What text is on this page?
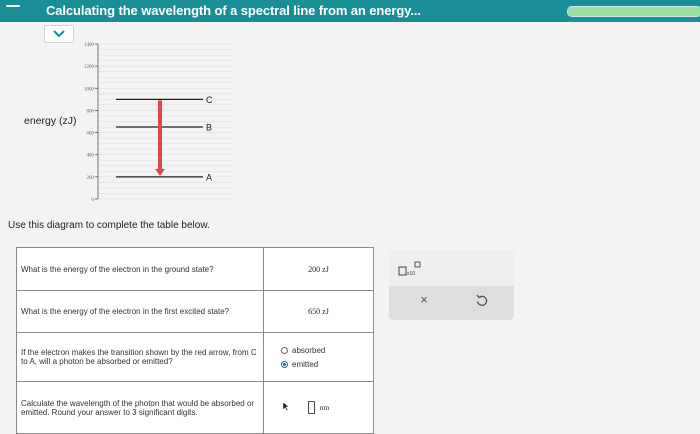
Calculating the wavelength of a spectral line from an energy...
energy (zJ)
1400
1200
1000
800
600
400
200
0
C
B
A
Use this diagram to complete the table below.
What is the energy of the electron in the ground state?	200 zJ
What is the energy of the electron in the first excited state?	650 zJ
If the electron makes the transition shown by the red arrow, from C to A, will a photon be absorbed or emitted?	absorbed
emitted

Calculate the wavelength of the photon that would be absorbed or emitted. Round your answer to 3 significant digits.	nm
x10
×
